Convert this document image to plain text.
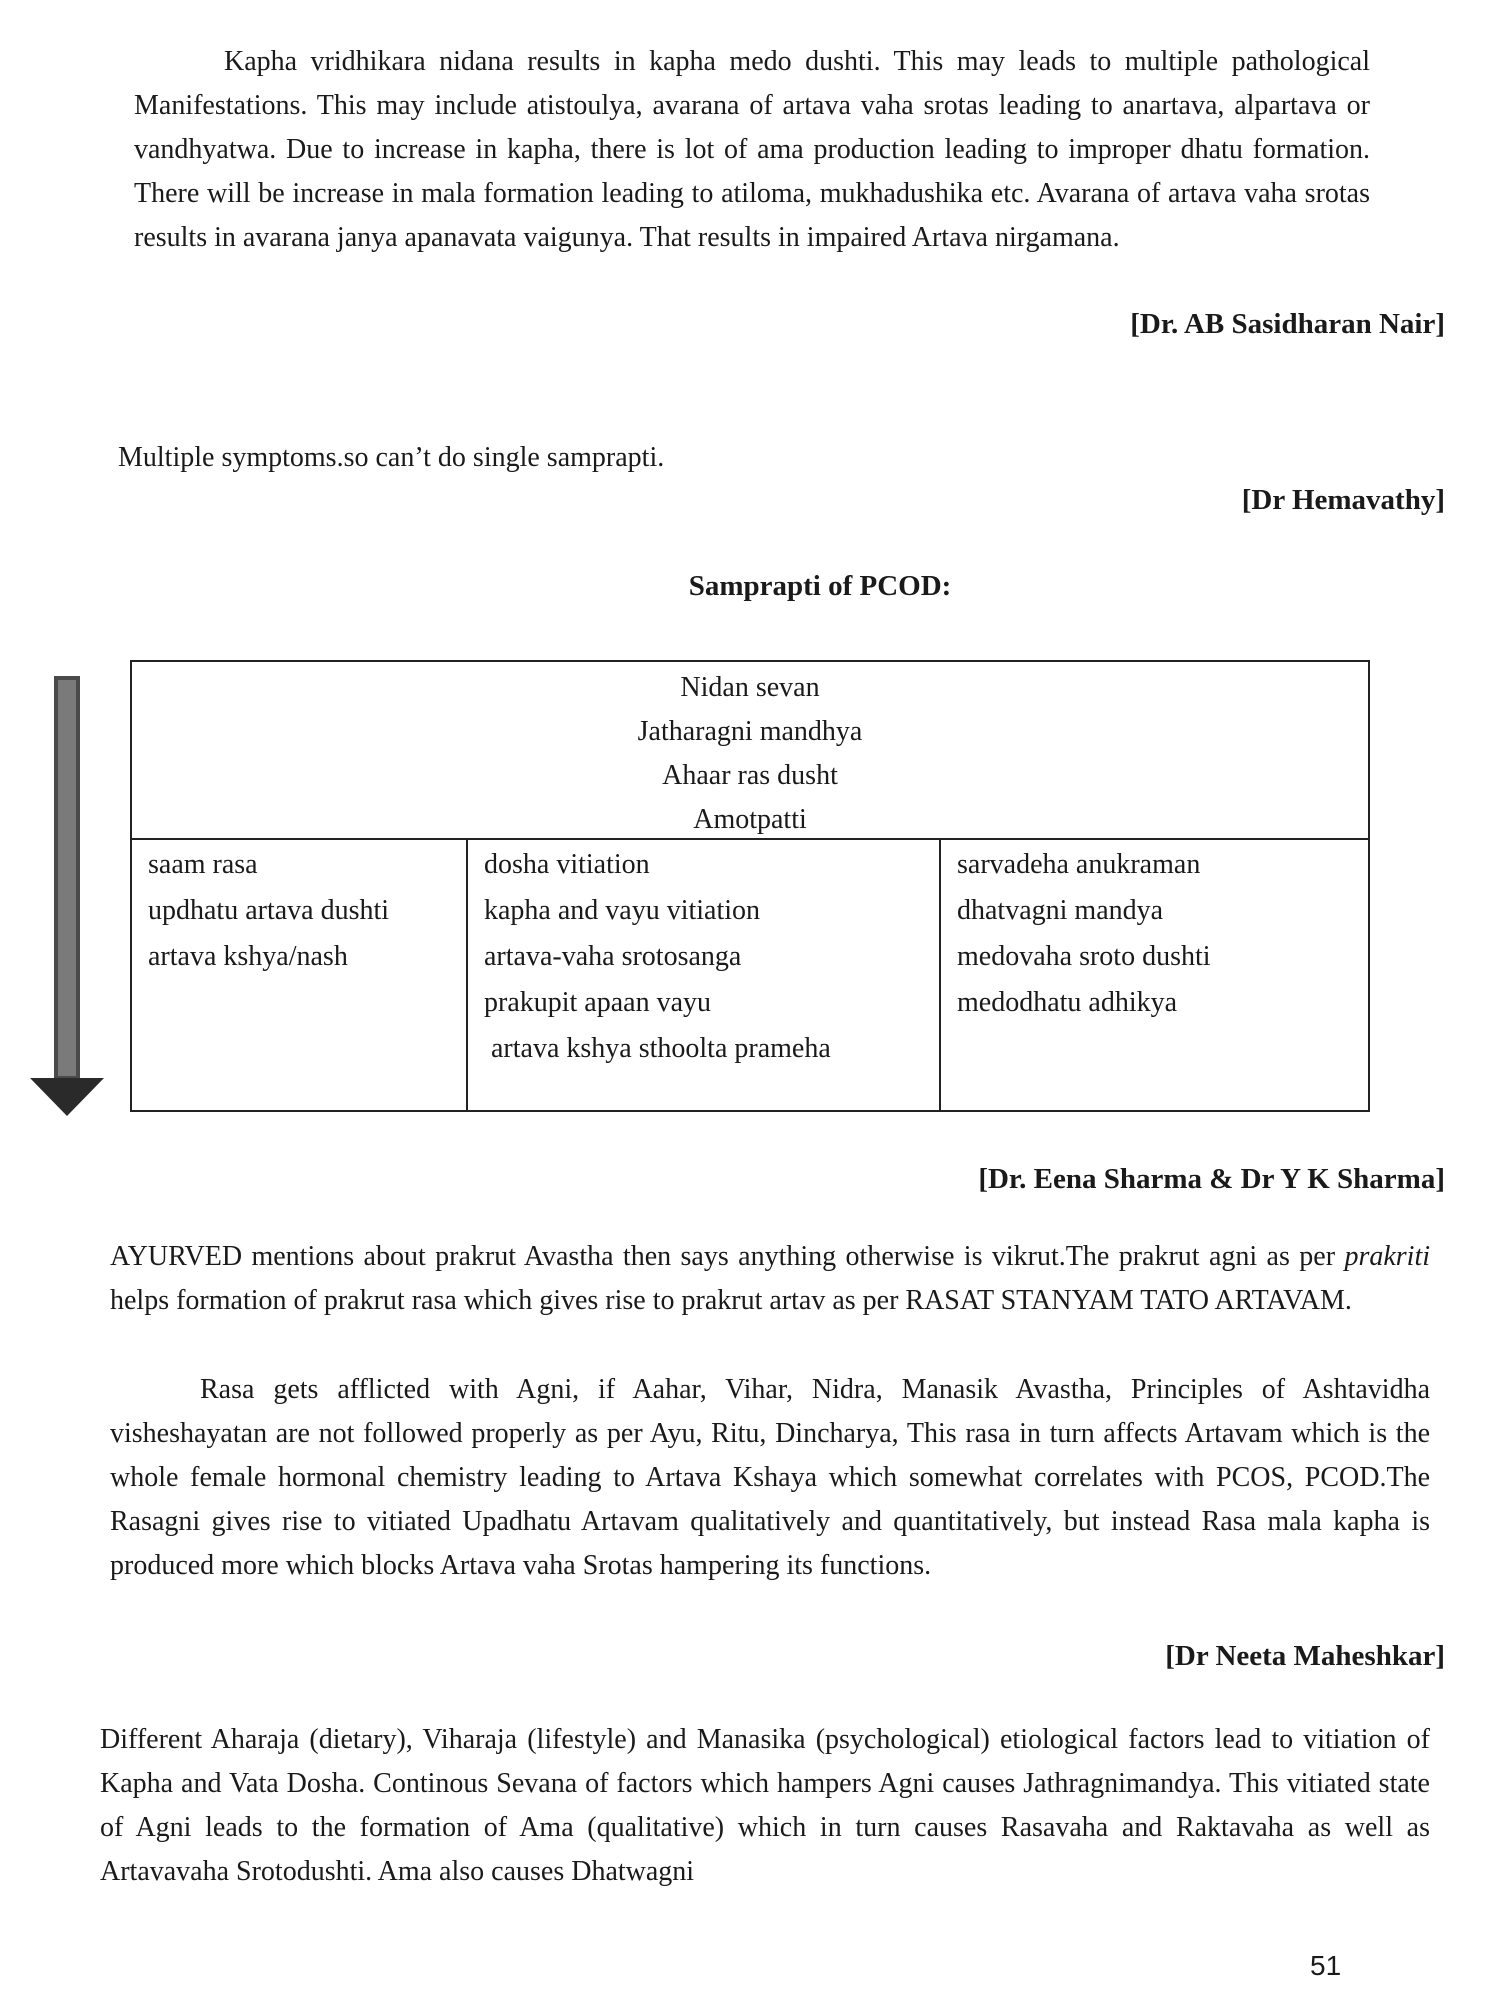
Kapha vridhikara nidana results in kapha medo dushti. This may leads to multiple pathological Manifestations. This may include atistoulya, avarana of artava vaha srotas leading to anartava, alpartava or vandhyatwa. Due to increase in kapha, there is lot of ama production leading to improper dhatu formation. There will be increase in mala formation leading to atiloma, mukhadushika etc. Avarana of artava vaha srotas results in avarana janya apanavata vaigunya. That results in impaired Artava nirgamana.

[Dr. AB Sasidharan Nair]

Multiple symptoms.so can’t do single samprapti.

[Dr Hemavathy]

Samprapti of PCOD:

Nidan sevan
Jatharagni mandhya
Ahaar ras dusht
Amotpatti
saam rasa
updhatu artava dushti
artava kshya/nash
dosha vitiation
kapha and vayu vitiation
artava-vaha srotosanga
prakupit apaan vayu
artava kshya sthoolta prameha
sarvadeha anukraman
dhatvagni mandya
medovaha sroto dushti
medodhatu adhikya

[Dr. Eena Sharma & Dr Y K Sharma]

AYURVED mentions about prakrut Avastha then says anything otherwise is vikrut.The prakrut agni as per prakriti helps formation of prakrut rasa which gives rise to prakrut artav as per RASAT STANYAM TATO ARTAVAM.

Rasa gets afflicted with Agni, if Aahar, Vihar, Nidra, Manasik Avastha, Principles of Ashtavidha visheshayatan are not followed properly as per Ayu, Ritu, Dincharya, This rasa in turn affects Artavam which is the whole female hormonal chemistry leading to Artava Kshaya which somewhat correlates with PCOS, PCOD.The Rasagni gives rise to vitiated Upadhatu Artavam qualitatively and quantitatively, but instead Rasa mala kapha is produced more which blocks Artava vaha Srotas hampering its functions.

[Dr Neeta Maheshkar]

Different Aharaja (dietary), Viharaja (lifestyle) and Manasika (psychological) etiological factors lead to vitiation of Kapha and Vata Dosha. Continous Sevana of factors which hampers Agni causes Jathragnimandya. This vitiated state of Agni leads to the formation of Ama (qualitative) which in turn causes Rasavaha and Raktavaha as well as Artavavaha Srotodushti. Ama also causes Dhatwagni

51
